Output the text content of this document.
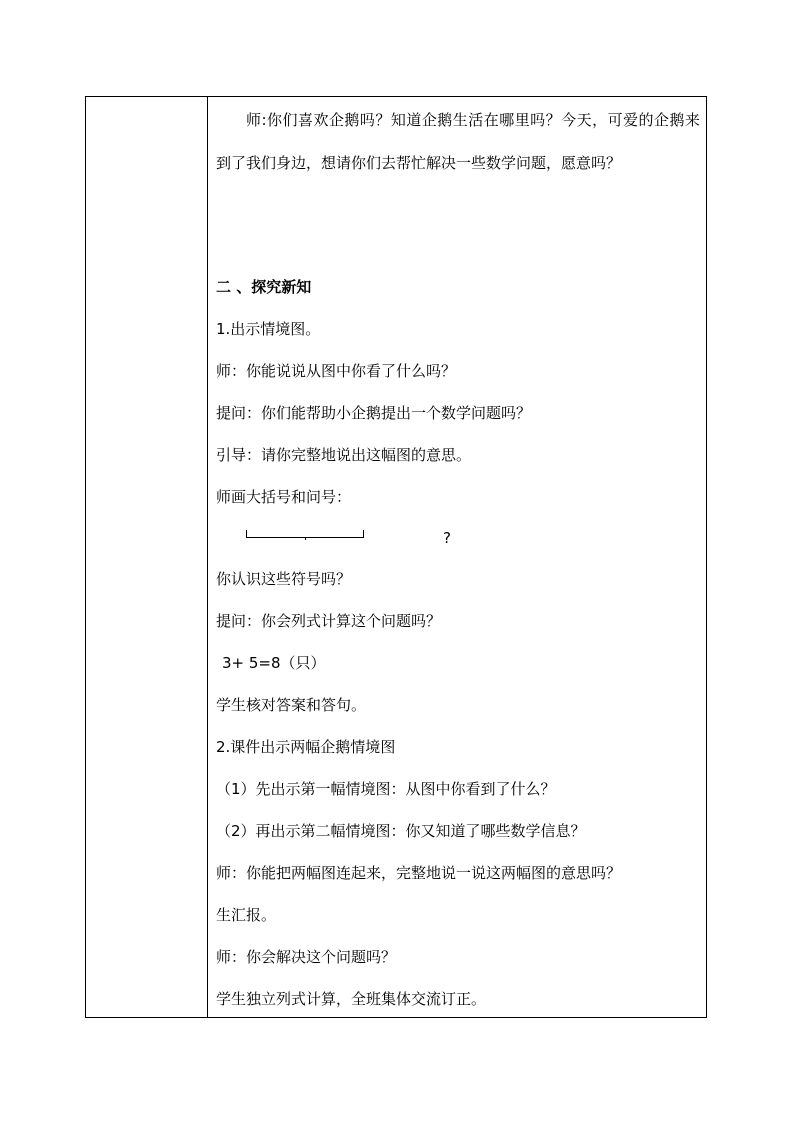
师:你们喜欢企鹅吗？知道企鹅生活在哪里吗？今天，可爱的企鹅来到了我们身边，想请你们去帮忙解决一些数学问题，愿意吗？
二 、探究新知
1.出示情境图。
师：你能说说从图中你看了什么吗？
提问：你们能帮助小企鹅提出一个数学问题吗？
引导：请你完整地说出这幅图的意思。
师画大括号和问号：
?
你认识这些符号吗？
提问：你会列式计算这个问题吗？
3+ 5=8（只）
学生核对答案和答句。
2.课件出示两幅企鹅情境图
（1）先出示第一幅情境图：从图中你看到了什么？
（2）再出示第二幅情境图：你又知道了哪些数学信息？
师：你能把两幅图连起来，完整地说一说这两幅图的意思吗？
生汇报。
师：你会解决这个问题吗？
学生独立列式计算，全班集体交流订正。
